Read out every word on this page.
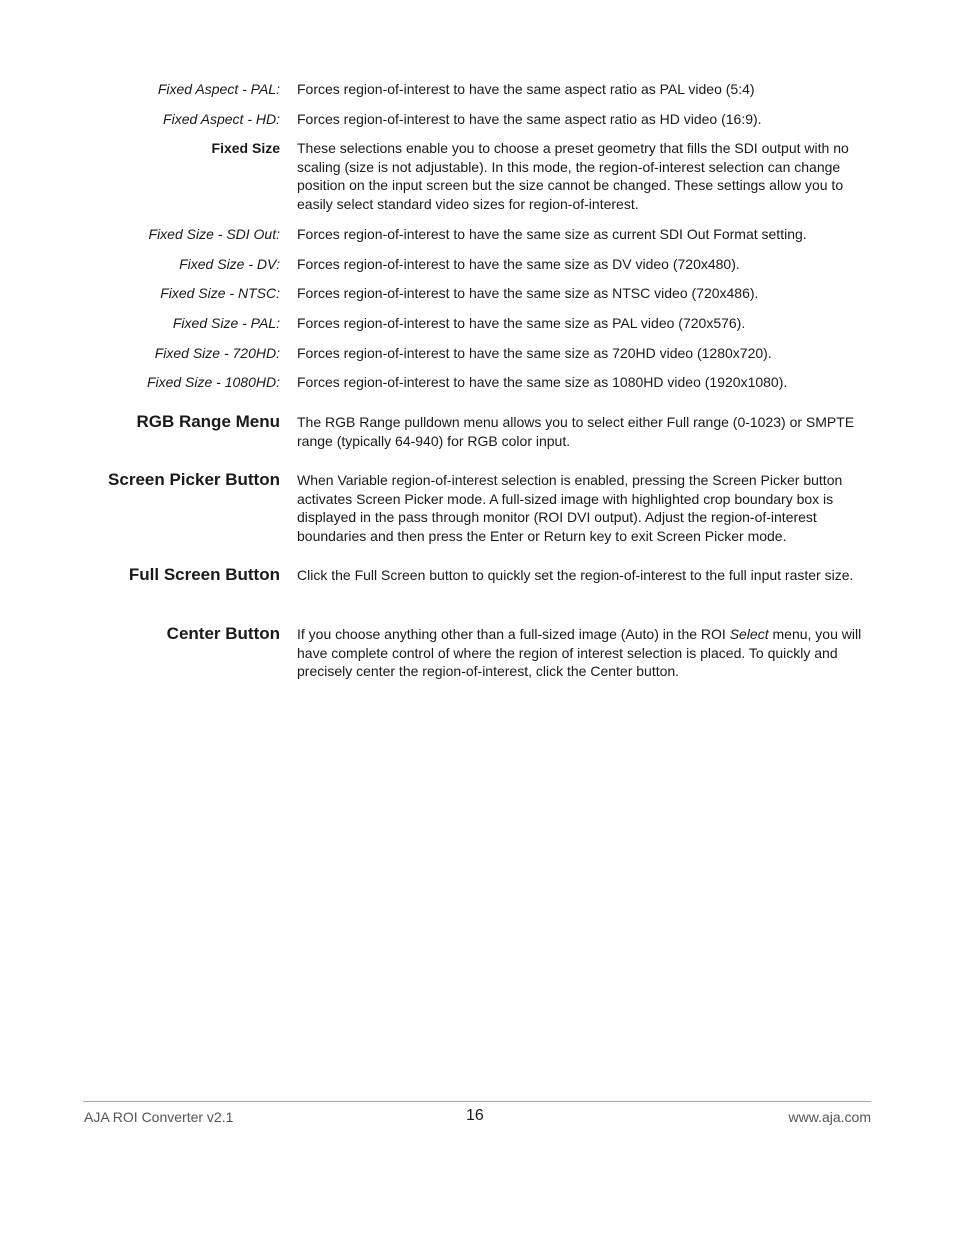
Fixed Aspect - PAL: Forces region-of-interest to have the same aspect ratio as PAL video (5:4)
Fixed Aspect - HD: Forces region-of-interest to have the same aspect ratio as HD video (16:9).
Fixed Size These selections enable you to choose a preset geometry that fills the SDI output with no scaling (size is not adjustable). In this mode, the region-of-interest selection can change position on the input screen but the size cannot be changed. These settings allow you to easily select standard video sizes for region-of-interest.
Fixed Size - SDI Out: Forces region-of-interest to have the same size as current SDI Out Format setting.
Fixed Size - DV: Forces region-of-interest to have the same size as DV video (720x480).
Fixed Size - NTSC: Forces region-of-interest to have the same size as NTSC video (720x486).
Fixed Size - PAL: Forces region-of-interest to have the same size as PAL video (720x576).
Fixed Size - 720HD: Forces region-of-interest to have the same size as 720HD video (1280x720).
Fixed Size - 1080HD: Forces region-of-interest to have the same size as 1080HD video (1920x1080).
RGB Range Menu The RGB Range pulldown menu allows you to select either Full range (0-1023) or SMPTE range (typically 64-940) for RGB color input.
Screen Picker Button When Variable region-of-interest selection is enabled, pressing the Screen Picker button activates Screen Picker mode. A full-sized image with highlighted crop boundary box is displayed in the pass through monitor (ROI DVI output). Adjust the region-of-interest boundaries and then press the Enter or Return key to exit Screen Picker mode.
Full Screen Button Click the Full Screen button to quickly set the region-of-interest to the full input raster size.
Center Button If you choose anything other than a full-sized image (Auto) in the ROI Select menu, you will have complete control of where the region of interest selection is placed. To quickly and precisely center the region-of-interest, click the Center button.
AJA ROI Converter v2.1	16	www.aja.com
